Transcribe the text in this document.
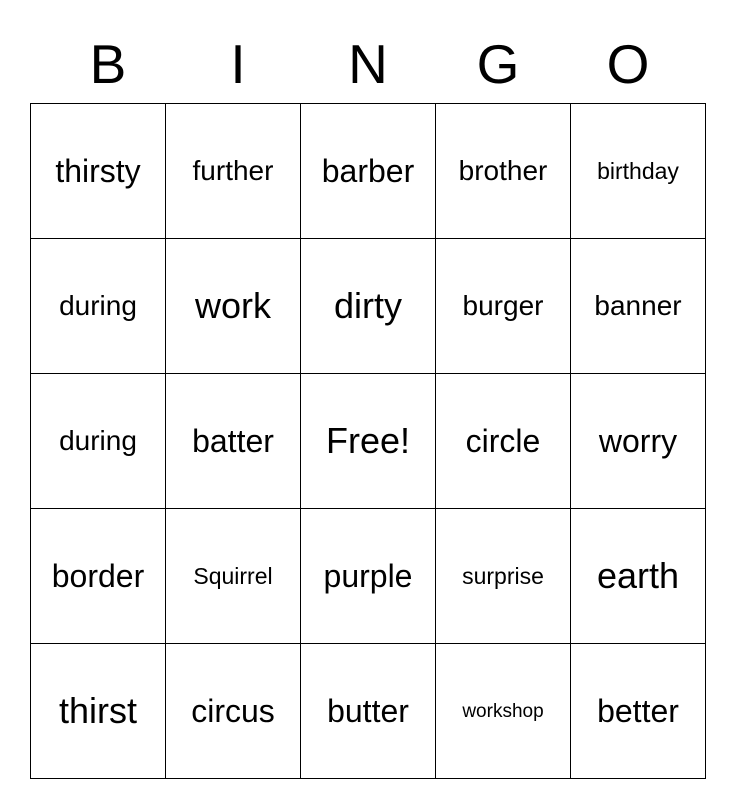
B	I	N	G	O
thirsty	further	barber	brother	birthday
during	work	dirty	burger	banner
during	batter	Free!	circle	worry
border	Squirrel	purple	surprise	earth
thirst	circus	butter	workshop	better
